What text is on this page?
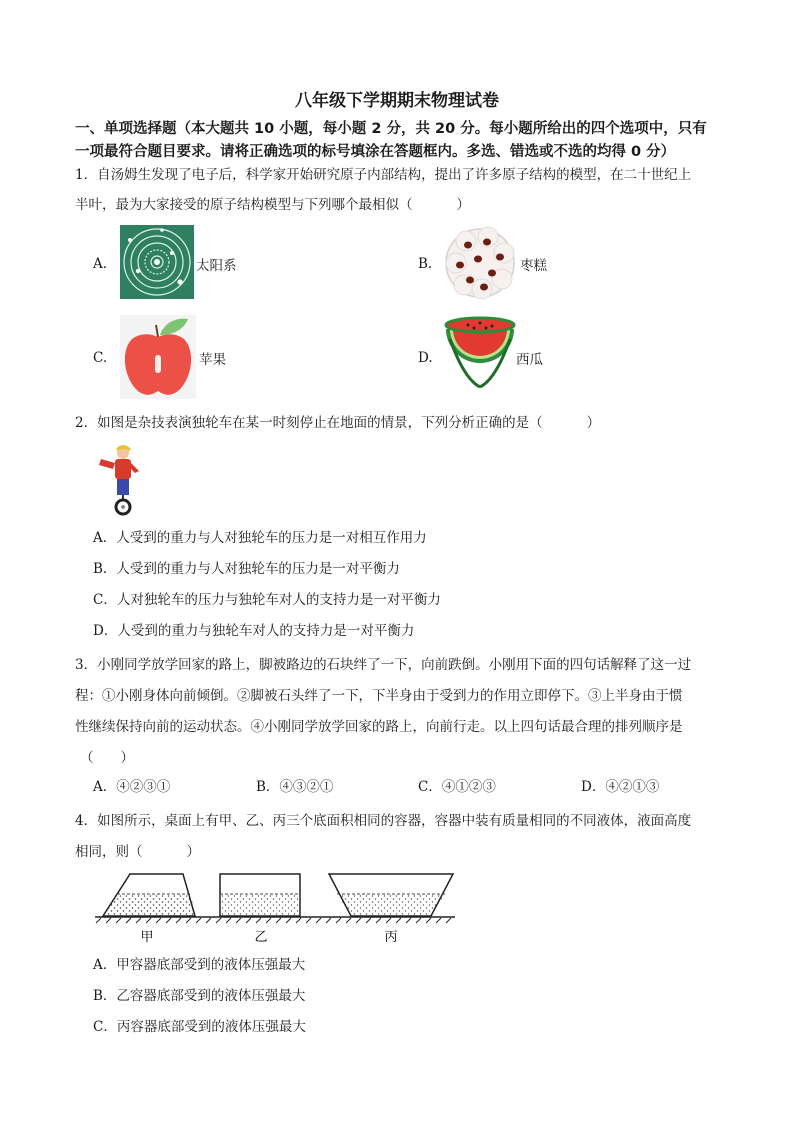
八年级下学期期末物理试卷
一、单项选择题（本大题共 10 小题，每小题 2 分，共 20 分。每小题所给出的四个选项中，只有
一项最符合题目要求。请将正确选项的标号填涂在答题框内。多选、错选或不选的均得 0 分）
1．自汤姆生发现了电子后，科学家开始研究原子内部结构，提出了许多原子结构的模型，在二十世纪上
半叶，最为大家接受的原子结构模型与下列哪个最相似（	）
A.	太阳系	B.	枣糕
C.	苹果	D.	西瓜
2．如图是杂技表演独轮车在某一时刻停止在地面的情景，下列分析正确的是（	）
A．人受到的重力与人对独轮车的压力是一对相互作用力
B．人受到的重力与人对独轮车的压力是一对平衡力
C．人对独轮车的压力与独轮车对人的支持力是一对平衡力
D．人受到的重力与独轮车对人的支持力是一对平衡力
3．小刚同学放学回家的路上，脚被路边的石块绊了一下，向前跌倒。小刚用下面的四句话解释了这一过
程：①小刚身体向前倾倒。②脚被石头绊了一下，下半身由于受到力的作用立即停下。③上半身由于惯
性继续保持向前的运动状态。④小刚同学放学回家的路上，向前行走。以上四句话最合理的排列顺序是
（　　）
A．④②③①	B．④③②①	C．④①②③	D．④②①③
4．如图所示，桌面上有甲、乙、丙三个底面积相同的容器，容器中装有质量相同的不同液体，液面高度
相同，则（	）
甲	乙	丙
A．甲容器底部受到的液体压强最大
B．乙容器底部受到的液体压强最大
C．丙容器底部受到的液体压强最大
